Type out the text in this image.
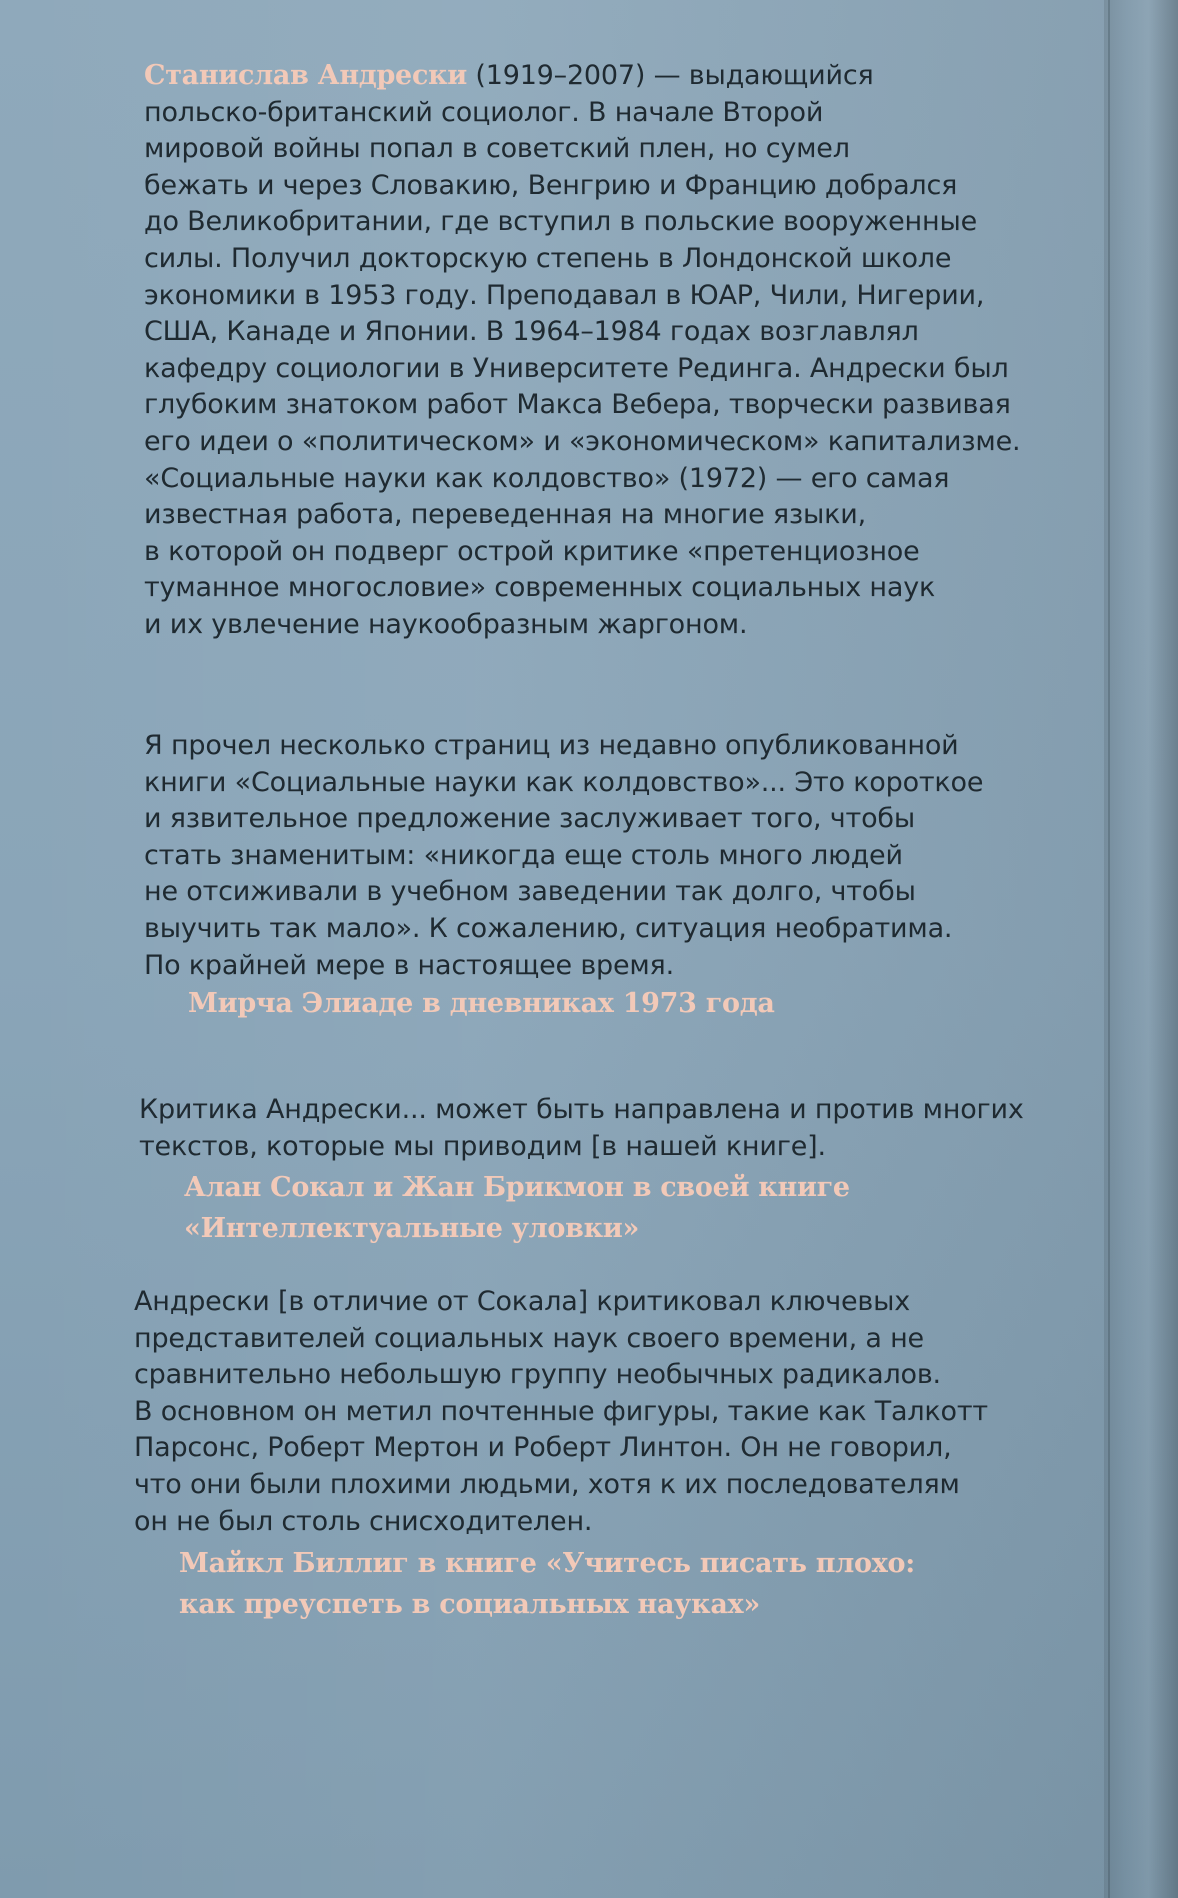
Станислав Андрески (1919–2007) — выдающийся
польско-британский социолог. В начале Второй
мировой войны попал в советский плен, но сумел
бежать и через Словакию, Венгрию и Францию добрался
до Великобритании, где вступил в польские вооруженные
силы. Получил докторскую степень в Лондонской школе
экономики в 1953 году. Преподавал в ЮАР, Чили, Нигерии,
США, Канаде и Японии. В 1964–1984 годах возглавлял
кафедру социологии в Университете Рединга. Андрески был
глубоким знатоком работ Макса Вебера, творчески развивая
его идеи о «политическом» и «экономическом» капитализме.
«Социальные науки как колдовство» (1972) — его самая
известная работа, переведенная на многие языки,
в которой он подверг острой критике «претенциозное
туманное многословие» современных социальных наук
и их увлечение наукообразным жаргоном.

Я прочел несколько страниц из недавно опубликованной
книги «Социальные науки как колдовство»... Это короткое
и язвительное предложение заслуживает того, чтобы
стать знаменитым: «никогда еще столь много людей
не отсиживали в учебном заведении так долго, чтобы
выучить так мало». К сожалению, ситуация необратима.
По крайней мере в настоящее время.

Мирча Элиаде в дневниках 1973 года

Критика Андрески... может быть направлена и против многих
текстов, которые мы приводим [в нашей книге].

Алан Сокал и Жан Брикмон в своей книге
«Интеллектуальные уловки»

Андрески [в отличие от Сокала] критиковал ключевых
представителей социальных наук своего времени, а не
сравнительно небольшую группу необычных радикалов.
В основном он метил почтенные фигуры, такие как Талкотт
Парсонс, Роберт Мертон и Роберт Линтон. Он не говорил,
что они были плохими людьми, хотя к их последователям
он не был столь снисходителен.

Майкл Биллиг в книге «Учитесь писать плохо:
как преуспеть в социальных науках»
